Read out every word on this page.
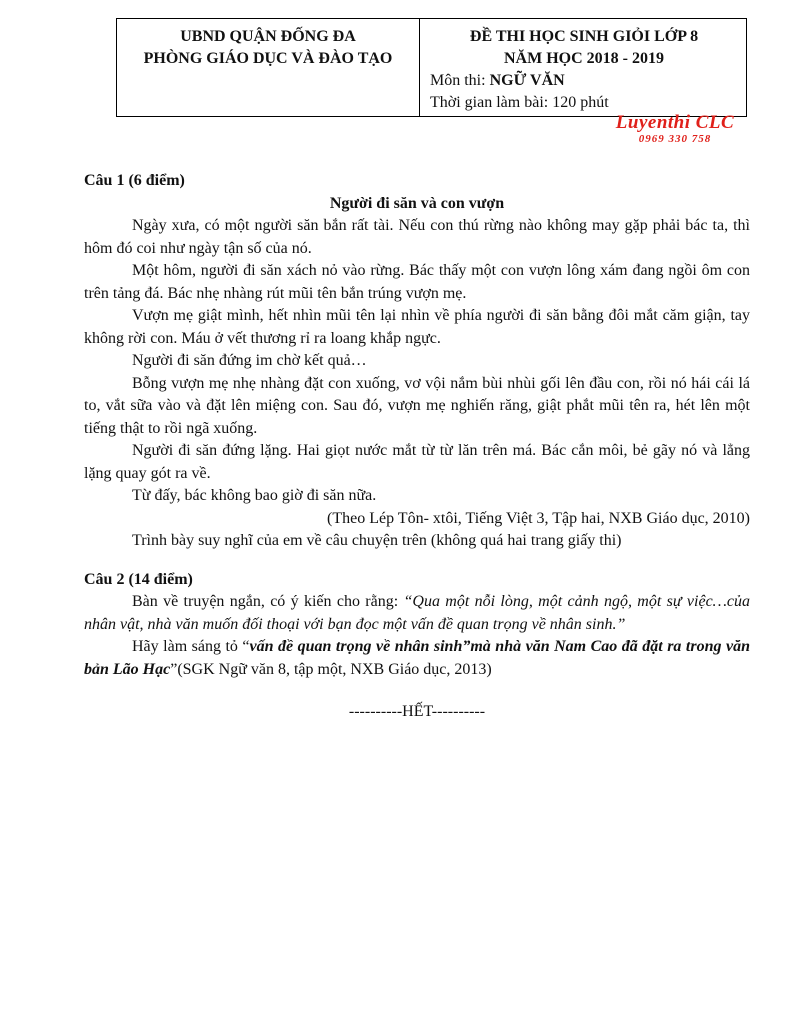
UBND QUẬN ĐỐNG ĐA
PHÒNG GIÁO DỤC VÀ ĐÀO TẠO
ĐỀ THI HỌC SINH GIỎI LỚP 8
NĂM HỌC 2018 - 2019
Môn thi: NGỮ VĂN
Thời gian làm bài: 120 phút
Luyenthi CLC
0969 330 758
Câu 1 (6 điểm)
Người đi săn và con vượn
Ngày xưa, có một người săn bắn rất tài. Nếu con thú rừng nào không may gặp phải bác ta, thì hôm đó coi như ngày tận số của nó.
Một hôm, người đi săn xách nỏ vào rừng. Bác thấy một con vượn lông xám đang ngồi ôm con trên tảng đá. Bác nhẹ nhàng rút mũi tên bắn trúng vượn mẹ.
Vượn mẹ giật mình, hết nhìn mũi tên lại nhìn về phía người đi săn bằng đôi mắt căm giận, tay không rời con. Máu ở vết thương rỉ ra loang khắp ngực.
Người đi săn đứng im chờ kết quả…
Bỗng vượn mẹ nhẹ nhàng đặt con xuống, vơ vội nắm bùi nhùi gối lên đầu con, rồi nó hái cái lá to, vắt sữa vào và đặt lên miệng con. Sau đó, vượn mẹ nghiến răng, giật phắt mũi tên ra, hét lên một tiếng thật to rồi ngã xuống.
Người đi săn đứng lặng. Hai giọt nước mắt từ từ lăn trên má. Bác cắn môi, bẻ gãy nó và lẳng lặng quay gót ra về.
Từ đấy, bác không bao giờ đi săn nữa.
(Theo Lép Tôn- xtôi, Tiếng Việt 3, Tập hai, NXB Giáo dục, 2010)
Trình bày suy nghĩ của em về câu chuyện trên (không quá hai trang giấy thi)
Câu 2 (14 điểm)
Bàn về truyện ngắn, có ý kiến cho rằng: “Qua một nỗi lòng, một cảnh ngộ, một sự việc…của nhân vật, nhà văn muốn đối thoại với bạn đọc một vấn đề quan trọng về nhân sinh.”
Hãy làm sáng tỏ “vấn đề quan trọng về nhân sinh”mà nhà văn Nam Cao đã đặt ra trong văn bản Lão Hạc”(SGK Ngữ văn 8, tập một, NXB Giáo dục, 2013)
----------HẾT----------
